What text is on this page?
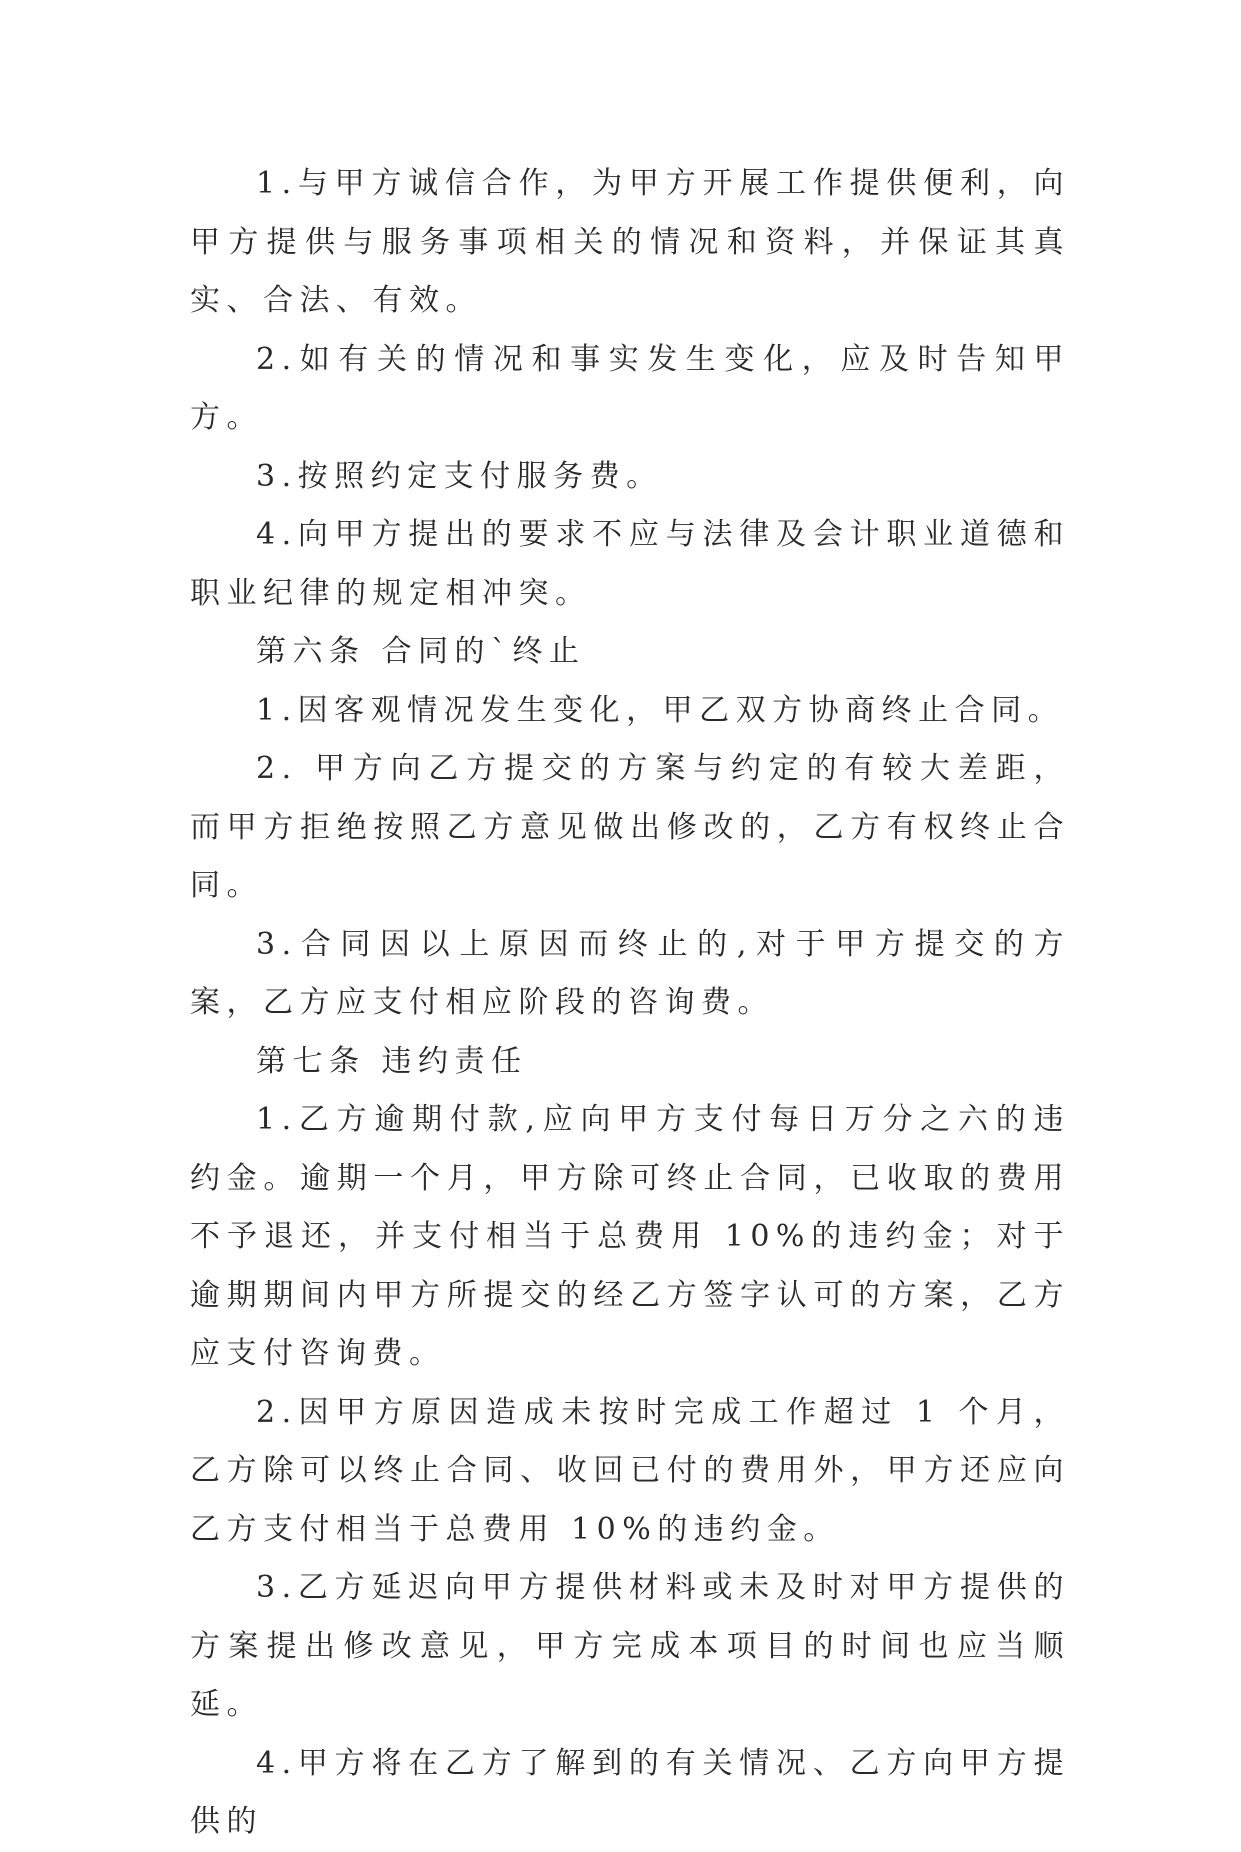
1.与甲方诚信合作，为甲方开展工作提供便利，向甲方提供与服务事项相关的情况和资料，并保证其真实、合法、有效。

2.如有关的情况和事实发生变化，应及时告知甲方。

3.按照约定支付服务费。

4.向甲方提出的要求不应与法律及会计职业道德和职业纪律的规定相冲突。

第六条 合同的`终止

1.因客观情况发生变化，甲乙双方协商终止合同。

2. 甲方向乙方提交的方案与约定的有较大差距，而甲方拒绝按照乙方意见做出修改的，乙方有权终止合同。

3.合同因以上原因而终止的,对于甲方提交的方案，乙方应支付相应阶段的咨询费。

第七条 违约责任

1.乙方逾期付款,应向甲方支付每日万分之六的违约金。逾期一个月，甲方除可终止合同，已收取的费用不予退还，并支付相当于总费用 10%的违约金；对于逾期期间内甲方所提交的经乙方签字认可的方案，乙方应支付咨询费。

2.因甲方原因造成未按时完成工作超过 1 个月，乙方除可以终止合同、收回已付的费用外，甲方还应向乙方支付相当于总费用 10%的违约金。

3.乙方延迟向甲方提供材料或未及时对甲方提供的方案提出修改意见，甲方完成本项目的时间也应当顺延。

4.甲方将在乙方了解到的有关情况、乙方向甲方提供的
